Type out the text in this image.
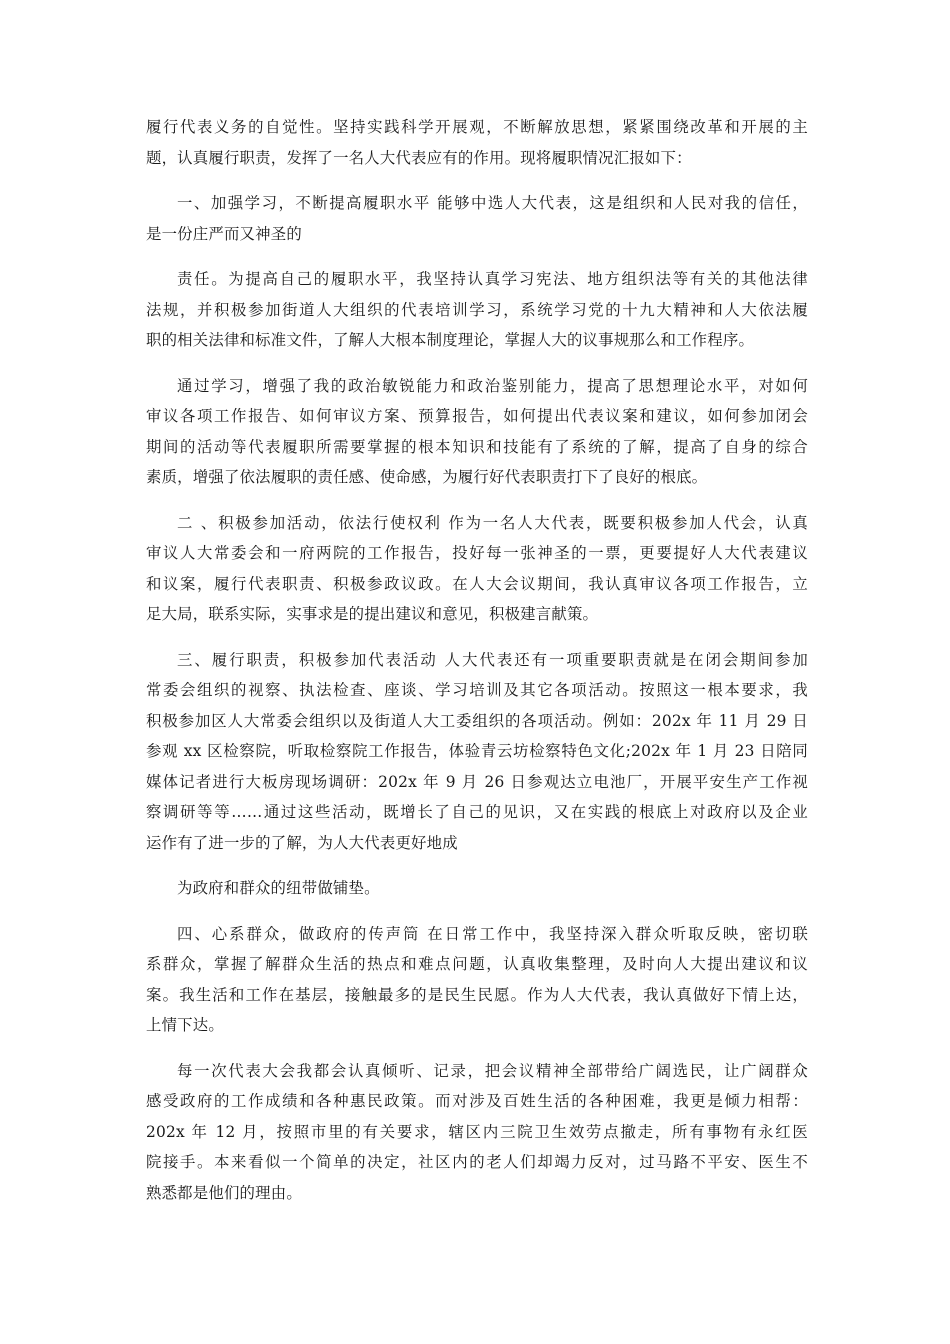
履行代表义务的自觉性。坚持实践科学开展观，不断解放思想，紧紧围绕改革和开展的主
题，认真履行职责，发挥了一名人大代表应有的作用。现将履职情况汇报如下：
一、加强学习，不断提高履职水平 能够中选人大代表，这是组织和人民对我的信任，
是一份庄严而又神圣的
责任。为提高自己的履职水平，我坚持认真学习宪法、地方组织法等有关的其他法律
法规，并积极参加街道人大组织的代表培训学习，系统学习党的十九大精神和人大依法履
职的相关法律和标准文件，了解人大根本制度理论，掌握人大的议事规那么和工作程序。
通过学习，增强了我的政治敏锐能力和政治鉴别能力，提高了思想理论水平，对如何
审议各项工作报告、如何审议方案、预算报告，如何提出代表议案和建议，如何参加闭会
期间的活动等代表履职所需要掌握的根本知识和技能有了系统的了解，提高了自身的综合
素质，增强了依法履职的责任感、使命感，为履行好代表职责打下了良好的根底。
二 、积极参加活动，依法行使权利 作为一名人大代表，既要积极参加人代会，认真
审议人大常委会和一府两院的工作报告，投好每一张神圣的一票，更要提好人大代表建议
和议案，履行代表职责、积极参政议政。在人大会议期间，我认真审议各项工作报告，立
足大局，联系实际，实事求是的提出建议和意见，积极建言献策。
三、履行职责，积极参加代表活动 人大代表还有一项重要职责就是在闭会期间参加
常委会组织的视察、执法检查、座谈、学习培训及其它各项活动。按照这一根本要求，我
积极参加区人大常委会组织以及街道人大工委组织的各项活动。例如：202x 年 11 月 29 日
参观 xx 区检察院，听取检察院工作报告，体验青云坊检察特色文化;202x 年 1 月 23 日陪同
媒体记者进行大板房现场调研：202x 年 9 月 26 日参观达立电池厂，开展平安生产工作视
察调研等等……通过这些活动，既增长了自己的见识，又在实践的根底上对政府以及企业
运作有了进一步的了解，为人大代表更好地成
为政府和群众的纽带做铺垫。
四、心系群众，做政府的传声筒 在日常工作中，我坚持深入群众听取反映，密切联
系群众，掌握了解群众生活的热点和难点问题，认真收集整理，及时向人大提出建议和议
案。我生活和工作在基层，接触最多的是民生民愿。作为人大代表，我认真做好下情上达，
上情下达。
每一次代表大会我都会认真倾听、记录，把会议精神全部带给广阔选民，让广阔群众
感受政府的工作成绩和各种惠民政策。而对涉及百姓生活的各种困难，我更是倾力相帮：
202x 年 12 月，按照市里的有关要求，辖区内三院卫生效劳点撤走，所有事物有永红医
院接手。本来看似一个简单的决定，社区内的老人们却竭力反对，过马路不平安、医生不
熟悉都是他们的理由。
